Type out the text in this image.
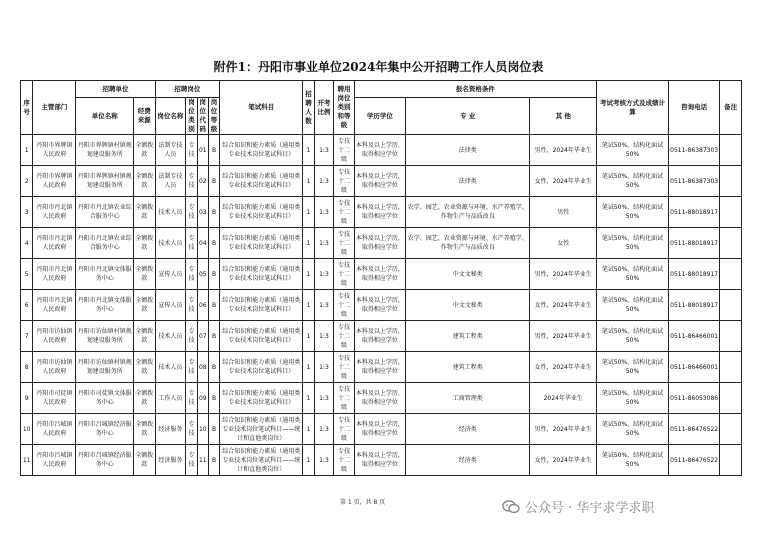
附件1：丹阳市事业单位2024年集中公开招聘工作人员岗位表
序号	主管部门	招聘单位		招聘岗位				笔试科目	招聘人数	开考比例	聘用岗位类别和等级	报名资格条件			考试考核方式及成绩计算	咨询电话	备注
		单位名称	经费来源	岗位名称	岗位类别	岗位代码	岗位等级					学历学位	专 业	其 他			
1	丹阳市界牌镇人民政府	丹阳市界牌镇村镇规划建设服务所	全额拨款	法制专技人员	专技	01	B	综合知识和能力素质（通用类专业技术岗位笔试科目）	1	1:3	专技十二级	本科及以上学历，取得相应学位	法律类	男性，2024年毕业生	笔试50%，结构化面试50%	0511-86387303	
2	丹阳市界牌镇人民政府	丹阳市界牌镇村镇规划建设服务所	全额拨款	法制专技人员	专技	02	B	综合知识和能力素质（通用类专业技术岗位笔试科目）	1	1:3	专技十二级	本科及以上学历，取得相应学位	法律类	女性，2024年毕业生	笔试50%，结构化面试50%	0511-86387303	
3	丹阳市丹北镇人民政府	丹阳市丹北镇农业综合服务中心	全额拨款	技术人员	专技	03	B	综合知识和能力素质（通用类专业技术岗位笔试科目）	1	1:3	专技十二级	本科及以上学历，取得相应学位	农学、园艺、农业资源与环境、水产养殖学、作物生产与品质改良	男性	笔试50%，结构化面试50%	0511-88018917	
4	丹阳市丹北镇人民政府	丹阳市丹北镇农业综合服务中心	全额拨款	技术人员	专技	04	B	综合知识和能力素质（通用类专业技术岗位笔试科目）	1	1:3	专技十二级	本科及以上学历，取得相应学位	农学、园艺、农业资源与环境、水产养殖学、作物生产与品质改良	女性	笔试50%，结构化面试50%	0511-88018917	
5	丹阳市丹北镇人民政府	丹阳市丹北镇文体服务中心	全额拨款	宣传人员	专技	05	B	综合知识和能力素质（通用类专业技术岗位笔试科目）	1	1:3	专技十二级	本科及以上学历，取得相应学位	中文文秘类	男性，2024年毕业生	笔试50%，结构化面试50%	0511-88018917	
6	丹阳市丹北镇人民政府	丹阳市丹北镇文体服务中心	全额拨款	宣传人员	专技	06	B	综合知识和能力素质（通用类专业技术岗位笔试科目）	1	1:3	专技十二级	本科及以上学历，取得相应学位	中文文秘类	女性，2024年毕业生	笔试50%，结构化面试50%	0511-88018917	
7	丹阳市访仙镇人民政府	丹阳市访仙镇村镇规划建设服务所	全额拨款	技术人员	专技	07	B	综合知识和能力素质（通用类专业技术岗位笔试科目）	1	1:3	专技十二级	本科及以上学历，取得相应学位	建筑工程类	男性，2024年毕业生	笔试50%，结构化面试50%	0511-86466001	
8	丹阳市访仙镇人民政府	丹阳市访仙镇村镇规划建设服务所	全额拨款	技术人员	专技	08	B	综合知识和能力素质（通用类专业技术岗位笔试科目）	1	1:3	专技十二级	本科及以上学历，取得相应学位	建筑工程类	女性，2024年毕业生	笔试50%，结构化面试50%	0511-86466001	
9	丹阳市司徒镇人民政府	丹阳市司徒镇文体服务中心	全额拨款	工作人员	专技	09	B	综合知识和能力素质（通用类专业技术岗位笔试科目）	1	1:3	专技十二级	本科及以上学历，取得相应学位	工商管理类	2024年毕业生	笔试50%，结构化面试50%	0511-86053086	
10	丹阳市吕城镇人民政府	丹阳市吕城镇经济服务中心	全额拨款	经济服务	专技	10	B	综合知识和能力素质（通用类专业技术岗位笔试科目——统计和直他类岗位）	1	1:3	专技十二级	本科及以上学历，取得相应学位	经济类	男性，2024年毕业生	笔试50%，结构化面试50%	0511-86476522	
11	丹阳市吕城镇人民政府	丹阳市吕城镇经济服务中心	全额拨款	经济服务	专技	11	B	综合知识和能力素质（通用类专业技术岗位笔试科目——统计和直他类岗位）	1	1:3	专技十二级	本科及以上学历，取得相应学位	经济类	女性，2024年毕业生	笔试50%，结构化面试50%	0511-86476522	
第 1 页，共 8 页	公众号 · 华宇求学求职
